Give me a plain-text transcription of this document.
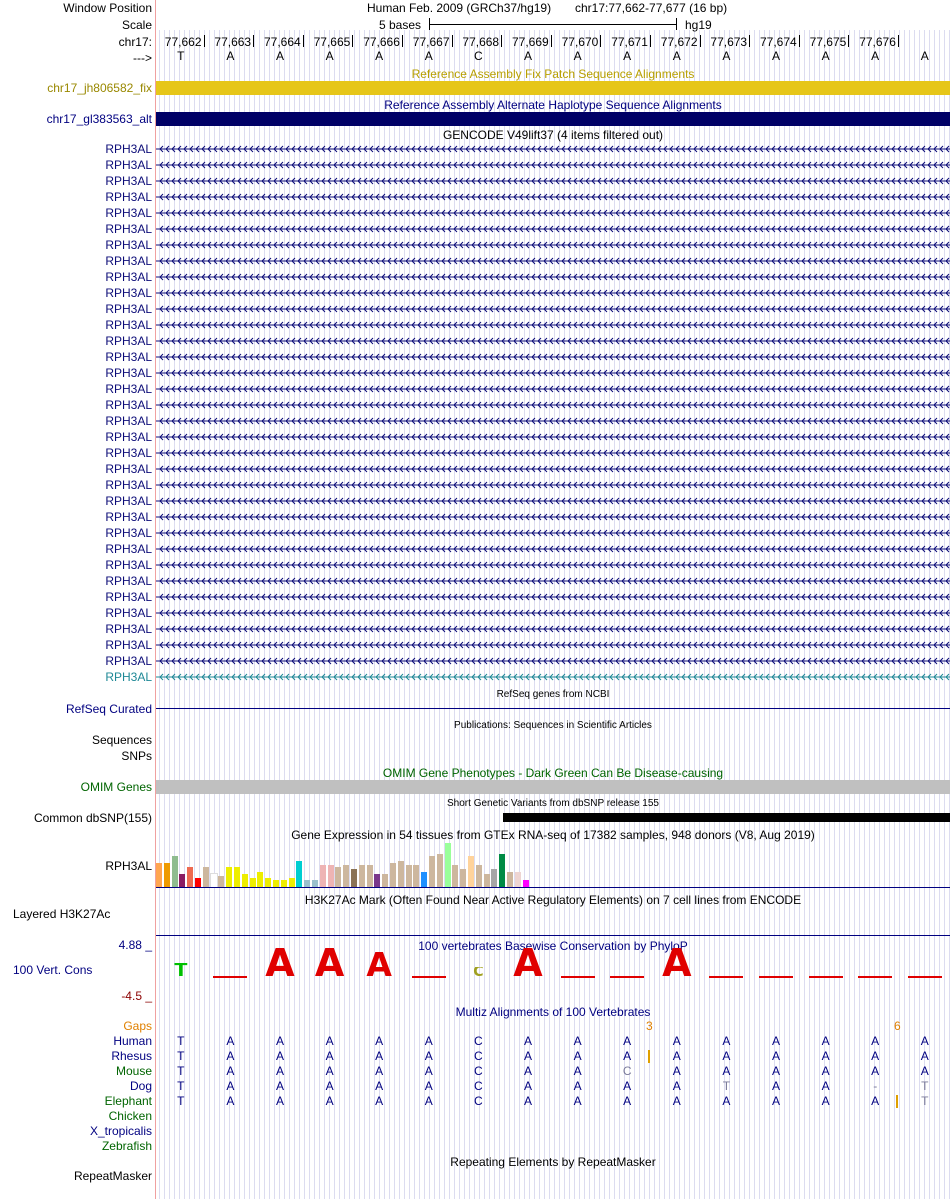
Window Position
Scale
chr17:
--->
chr17_jh806582_fix
chr17_gl383563_alt
RPH3AL
RPH3AL
RPH3AL
RPH3AL
RPH3AL
RPH3AL
RPH3AL
RPH3AL
RPH3AL
RPH3AL
RPH3AL
RPH3AL
RPH3AL
RPH3AL
RPH3AL
RPH3AL
RPH3AL
RPH3AL
RPH3AL
RPH3AL
RPH3AL
RPH3AL
RPH3AL
RPH3AL
RPH3AL
RPH3AL
RPH3AL
RPH3AL
RPH3AL
RPH3AL
RPH3AL
RPH3AL
RPH3AL
RPH3AL
RefSeq Curated
Sequences
SNPs
OMIM Genes
Common dbSNP(155)
RPH3AL
Layered H3K27Ac
4.88 _
100 Vert. Cons
-4.5 _
Gaps
Human
Rhesus
Mouse
Dog
Elephant
Chicken
X_tropicalis
Zebrafish
RepeatMasker
Human Feb. 2009 (GRCh37/hg19) chr17:77,662-77,677 (16 bp)
5 bases	hg19
77,662 77,663 77,664 77,665 77,666 77,667 77,668 77,669 77,670 77,671 77,672 77,673 77,674 77,675 77,676
T	A	A	A	A	A	C	A	A	A	A	A	A	A	A	A
Reference Assembly Fix Patch Sequence Alignments
Reference Assembly Alternate Haplotype Sequence Alignments
GENCODE V49lift37 (4 items filtered out)
RefSeq genes from NCBI
Publications: Sequences in Scientific Articles
OMIM Gene Phenotypes - Dark Green Can Be Disease-causing
Short Genetic Variants from dbSNP release 155
Gene Expression in 54 tissues from GTEx RNA-seq of 17382 samples, 948 donors (V8, Aug 2019)
H3K27Ac Mark (Often Found Near Active Regulatory Elements) on 7 cell lines from ENCODE
100 vertebrates Basewise Conservation by PhyloP
T	A A A	C A	A
Multiz Alignments of 100 Vertebrates
3	6
T	A	A	A	A	A	C	A	A	A	A	A	A	A	A	A
T	A	A	A	A	A	C	A	A	A	A	A	A	A	A	A
T	A	A	A	A	A	C	A	A	C	A	A	A	A	A	A
T	A	A	A	A	A	C	A	A	A	A	T	A	A	-	T
T	A	A	A	A	A	C	A	A	A	A	A	A	A	A	T
Repeating Elements by RepeatMasker
